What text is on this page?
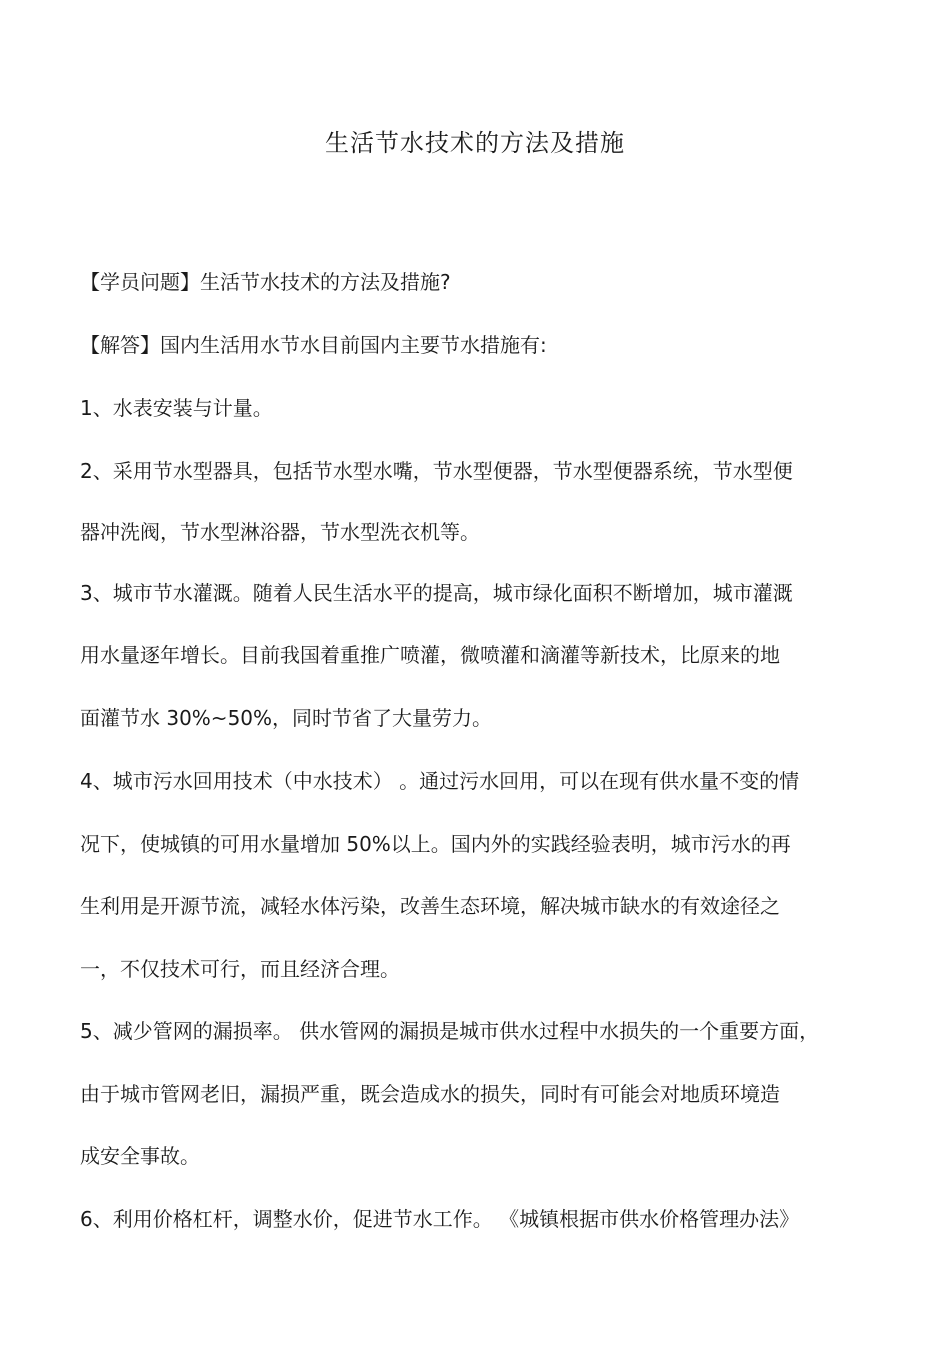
生活节水技术的方法及措施
【学员问题】生活节水技术的方法及措施?
【解答】国内生活用水节水目前国内主要节水措施有:
1、水表安装与计量。
2、采用节水型器具，包括节水型水嘴，节水型便器，节水型便器系统，节水型便
器冲洗阀，节水型淋浴器，节水型洗衣机等。
3、城市节水灌溉。随着人民生活水平的提高，城市绿化面积不断增加，城市灌溉
用水量逐年增长。目前我国着重推广喷灌，微喷灌和滴灌等新技术，比原来的地
面灌节水 30%~50%，同时节省了大量劳力。
4、城市污水回用技术（中水技术） 。通过污水回用，可以在现有供水量不变的情
况下，使城镇的可用水量增加 50%以上。国内外的实践经验表明，城市污水的再
生利用是开源节流，减轻水体污染，改善生态环境，解决城市缺水的有效途径之
一，不仅技术可行，而且经济合理。
5、减少管网的漏损率。 供水管网的漏损是城市供水过程中水损失的一个重要方面，
由于城市管网老旧，漏损严重，既会造成水的损失，同时有可能会对地质环境造
成安全事故。
6、利用价格杠杆，调整水价，促进节水工作。 《城镇根据市供水价格管理办法》
